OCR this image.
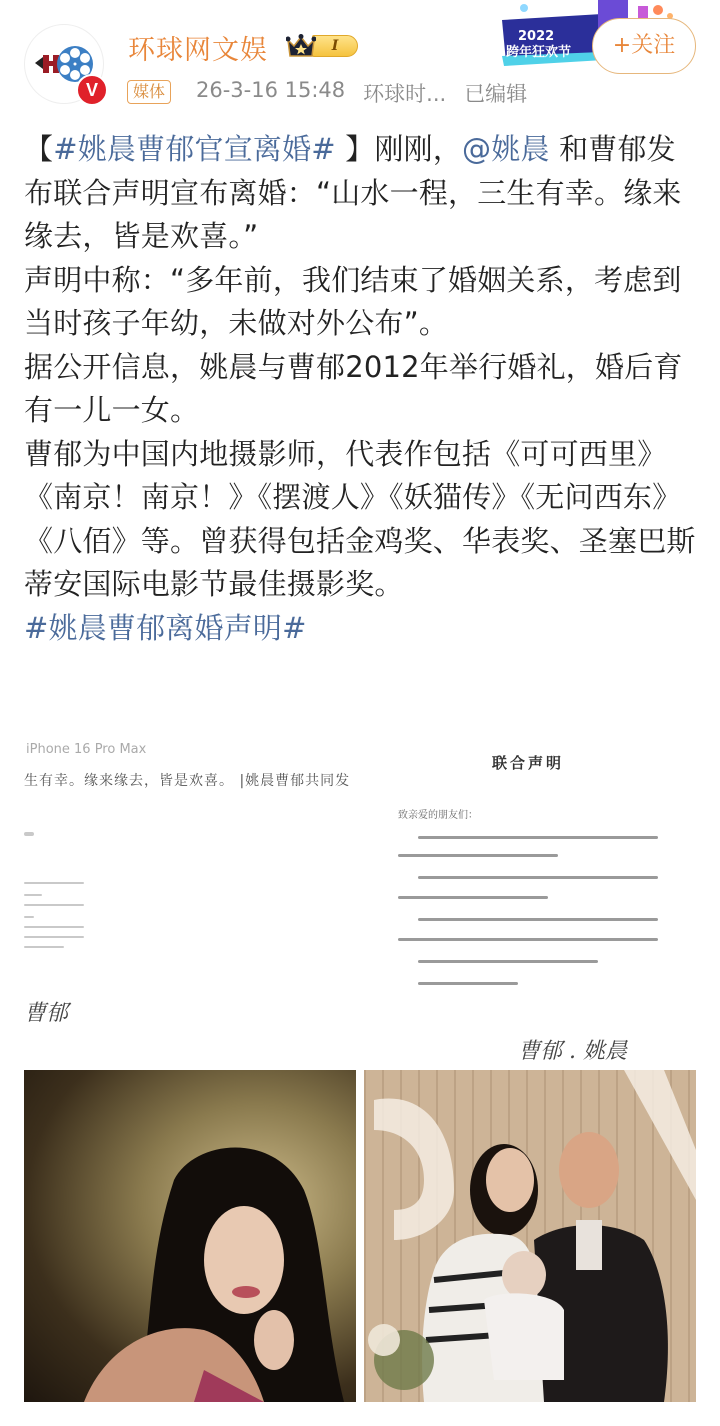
V
环球网文娱	I
媒体 26-3-16 15:48 环球时... 已编辑
2022
跨年狂欢节	+关注

【#姚晨曹郁官宣离婚# 】刚刚，@姚晨 和曹郁发布联合声明宣布离婚：“山水一程，三生有幸。缘来缘去，皆是欢喜。”

声明中称：“多年前，我们结束了婚姻关系，考虑到当时孩子年幼，未做对外公布”。

据公开信息，姚晨与曹郁2012年举行婚礼，婚后育有一儿一女。

曹郁为中国内地摄影师，代表作包括《可可西里》《南京！南京！》《摆渡人》《妖猫传》《无问西东》《八佰》等。曾获得包括金鸡奖、华表奖、圣塞巴斯蒂安国际电影节最佳摄影奖。

#姚晨曹郁离婚声明#

iPhone 16 Pro Max
生有幸。缘来缘去，皆是欢喜。 |姚晨曹郁共同发
曹郁
联合声明
致亲爱的朋友们：
曹郁 . 姚晨
